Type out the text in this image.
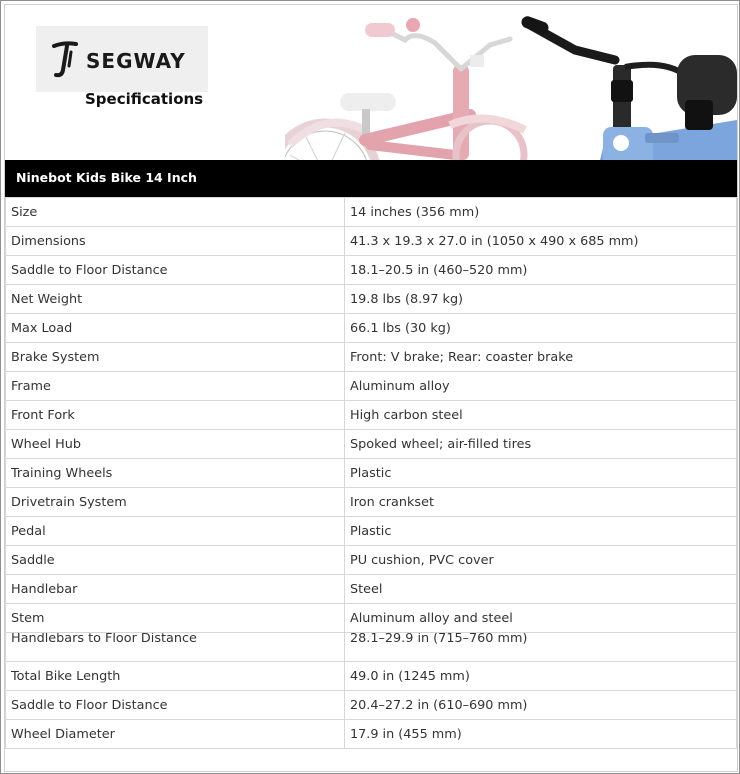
SEGWAY
Specifications
Ninebot Kids Bike 14 Inch
Size	14 inches (356 mm)
Dimensions	41.3 x 19.3 x 27.0 in (1050 x 490 x 685 mm)
Saddle to Floor Distance	18.1–20.5 in (460–520 mm)
Net Weight	19.8 lbs (8.97 kg)
Max Load	66.1 lbs (30 kg)
Brake System	Front: V brake; Rear: coaster brake
Frame	Aluminum alloy
Front Fork	High carbon steel
Wheel Hub	Spoked wheel; air-filled tires
Training Wheels	Plastic
Drivetrain System	Iron crankset
Pedal	Plastic
Saddle	PU cushion, PVC cover
Handlebar	Steel
Stem	Aluminum alloy and steel
Handlebars to Floor Distance	28.1–29.9 in (715–760 mm)
Total Bike Length	49.0 in (1245 mm)
Saddle to Floor Distance	20.4–27.2 in (610–690 mm)
Wheel Diameter	17.9 in (455 mm)
